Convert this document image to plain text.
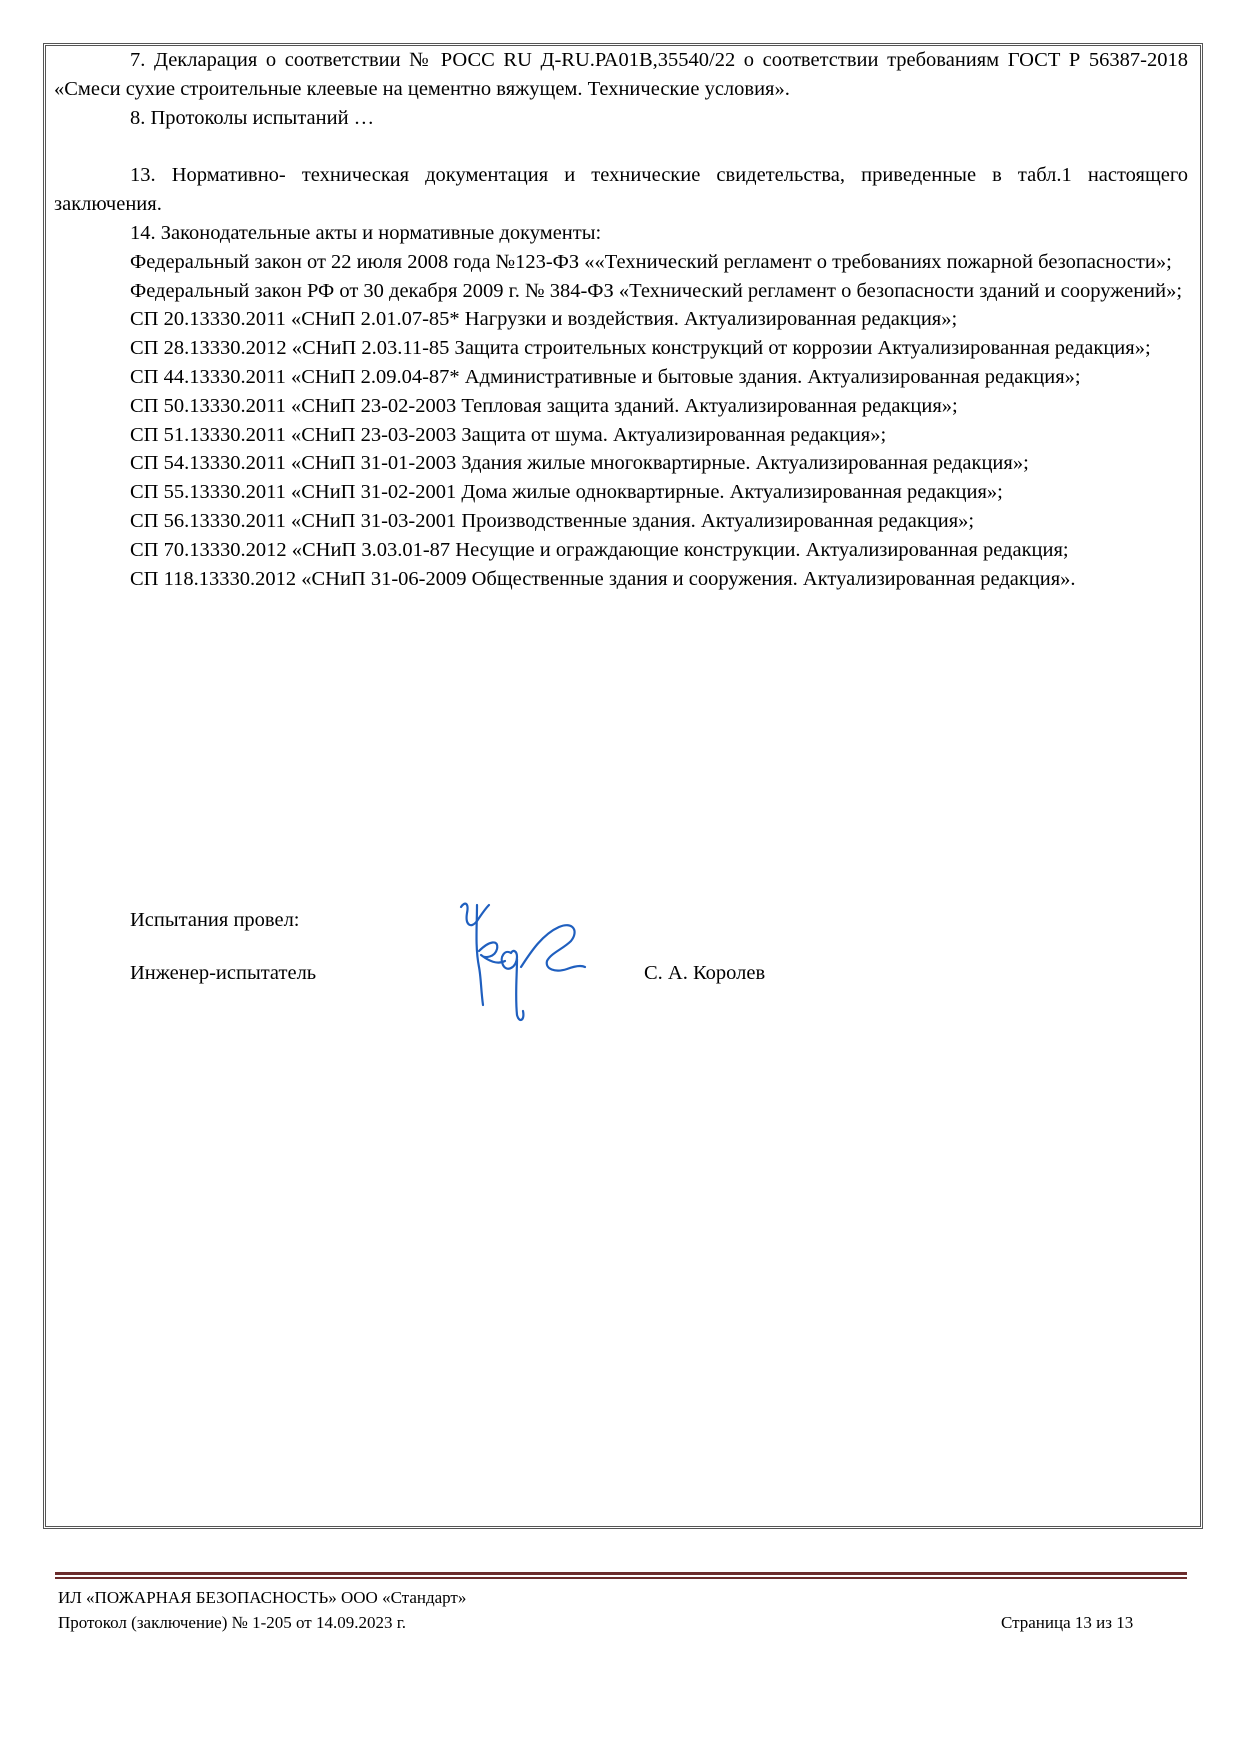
7. Декларация о соответствии № РОСС RU Д-RU.РА01В,35540/22 о соответствии требованиям ГОСТ Р 56387-2018 «Смеси сухие строительные клеевые на цементно вяжущем. Технические условия».

8. Протоколы испытаний …

13. Нормативно- техническая документация и технические свидетельства, приведенные в табл.1 настоящего заключения.

14. Законодательные акты и нормативные документы:

Федеральный закон от 22 июля 2008 года №123-ФЗ ««Технический регламент о требованиях пожарной безопасности»;

Федеральный закон РФ от 30 декабря 2009 г. № 384-ФЗ «Технический регламент о безопасности зданий и сооружений»;

СП 20.13330.2011 «СНиП 2.01.07-85* Нагрузки и воздействия. Актуализированная редакция»;

СП 28.13330.2012 «СНиП 2.03.11-85 Защита строительных конструкций от коррозии Актуализированная редакция»;

СП 44.13330.2011 «СНиП 2.09.04-87* Административные и бытовые здания. Актуализированная редакция»;

СП 50.13330.2011 «СНиП 23-02-2003 Тепловая защита зданий. Актуализированная редакция»;

СП 51.13330.2011 «СНиП 23-03-2003 Защита от шума. Актуализированная редакция»;

СП 54.13330.2011 «СНиП 31-01-2003 Здания жилые многоквартирные. Актуализированная редакция»;

СП 55.13330.2011 «СНиП 31-02-2001 Дома жилые одноквартирные. Актуализированная редакция»;

СП 56.13330.2011 «СНиП 31-03-2001 Производственные здания. Актуализированная редакция»;

СП 70.13330.2012 «СНиП 3.03.01-87 Несущие и ограждающие конструкции. Актуализированная редакция;

СП 118.13330.2012 «СНиП 31-06-2009 Общественные здания и сооружения. Актуализированная редакция».

Испытания провел:
Инженер-испытатель	С. А. Королев
ИЛ «ПОЖАРНАЯ БЕЗОПАСНОСТЬ» ООО «Стандарт»
Протокол (заключение) № 1-205 от 14.09.2023 г.	Страница 13 из 13
